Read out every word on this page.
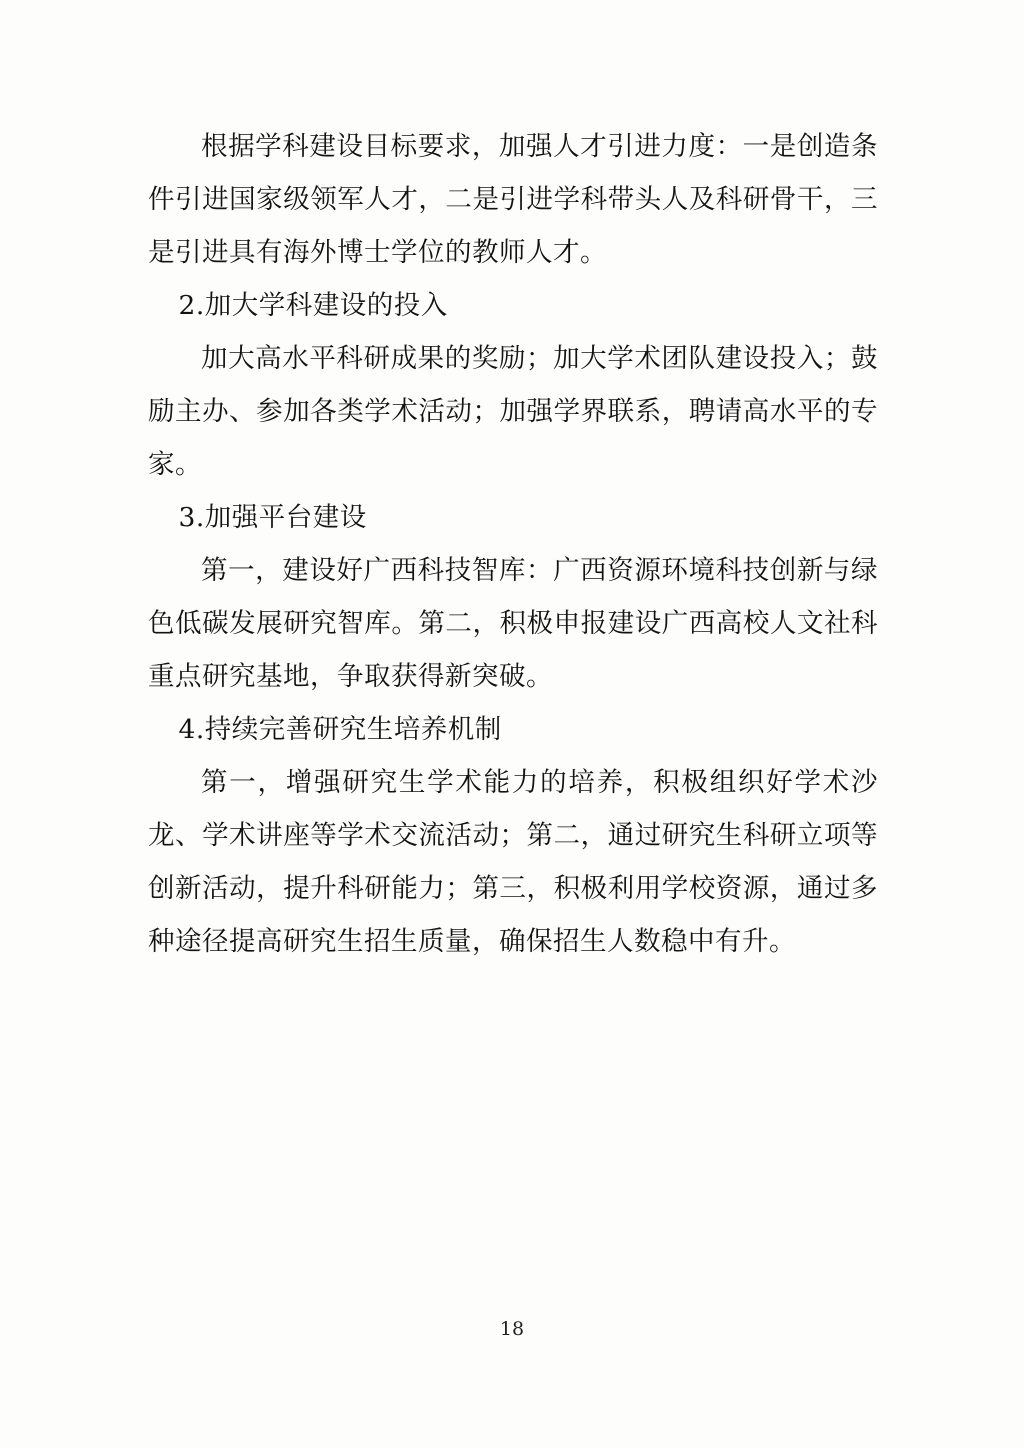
根据学科建设目标要求，加强人才引进力度：一是创造条件引进国家级领军人才，二是引进学科带头人及科研骨干，三是引进具有海外博士学位的教师人才。

2.加大学科建设的投入

加大高水平科研成果的奖励；加大学术团队建设投入；鼓励主办、参加各类学术活动；加强学界联系，聘请高水平的专家。

3.加强平台建设

第一，建设好广西科技智库：广西资源环境科技创新与绿色低碳发展研究智库。第二，积极申报建设广西高校人文社科重点研究基地，争取获得新突破。

4.持续完善研究生培养机制

第一，增强研究生学术能力的培养，积极组织好学术沙龙、学术讲座等学术交流活动；第二，通过研究生科研立项等创新活动，提升科研能力；第三，积极利用学校资源，通过多种途径提高研究生招生质量，确保招生人数稳中有升。

18
